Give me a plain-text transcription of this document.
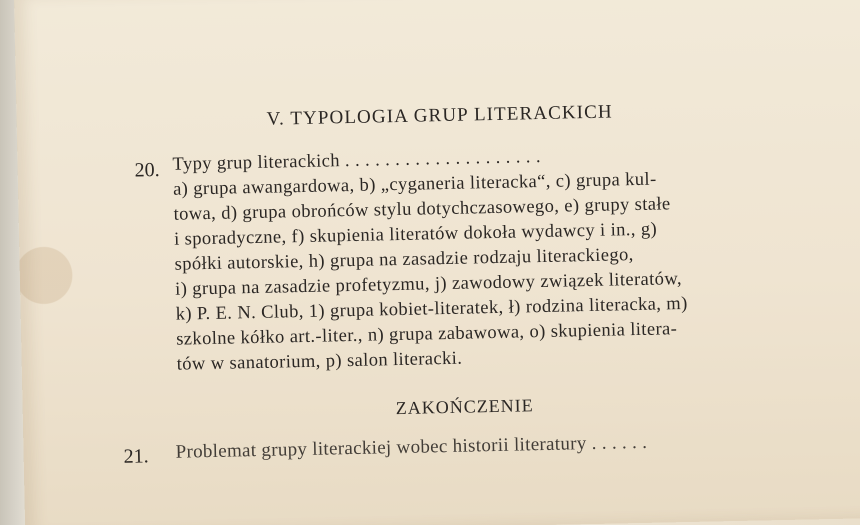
V. TYPOLOGIA GRUP LITERACKICH
20. Typy grup literackich . . . . . . . . . . . . . . . . . . . .
a) grupa awangardowa, b) „cyganeria literacka“, c) grupa kul-
towa, d) grupa obrońców stylu dotychczasowego, e) grupy stałe
i sporadyczne, f) skupienia literatów dokoła wydawcy i in., g)
spółki autorskie, h) grupa na zasadzie rodzaju literackiego,
i) grupa na zasadzie profetyzmu, j) zawodowy związek literatów,
k) P. E. N. Club, 1) grupa kobiet-literatek, ł) rodzina literacka, m)
szkolne kółko art.-liter., n) grupa zabawowa, o) skupienia litera-
tów w sanatorium, p) salon literacki.
ZAKOŃCZENIE
21. Problemat grupy literackiej wobec historii literatury . . . . . .
